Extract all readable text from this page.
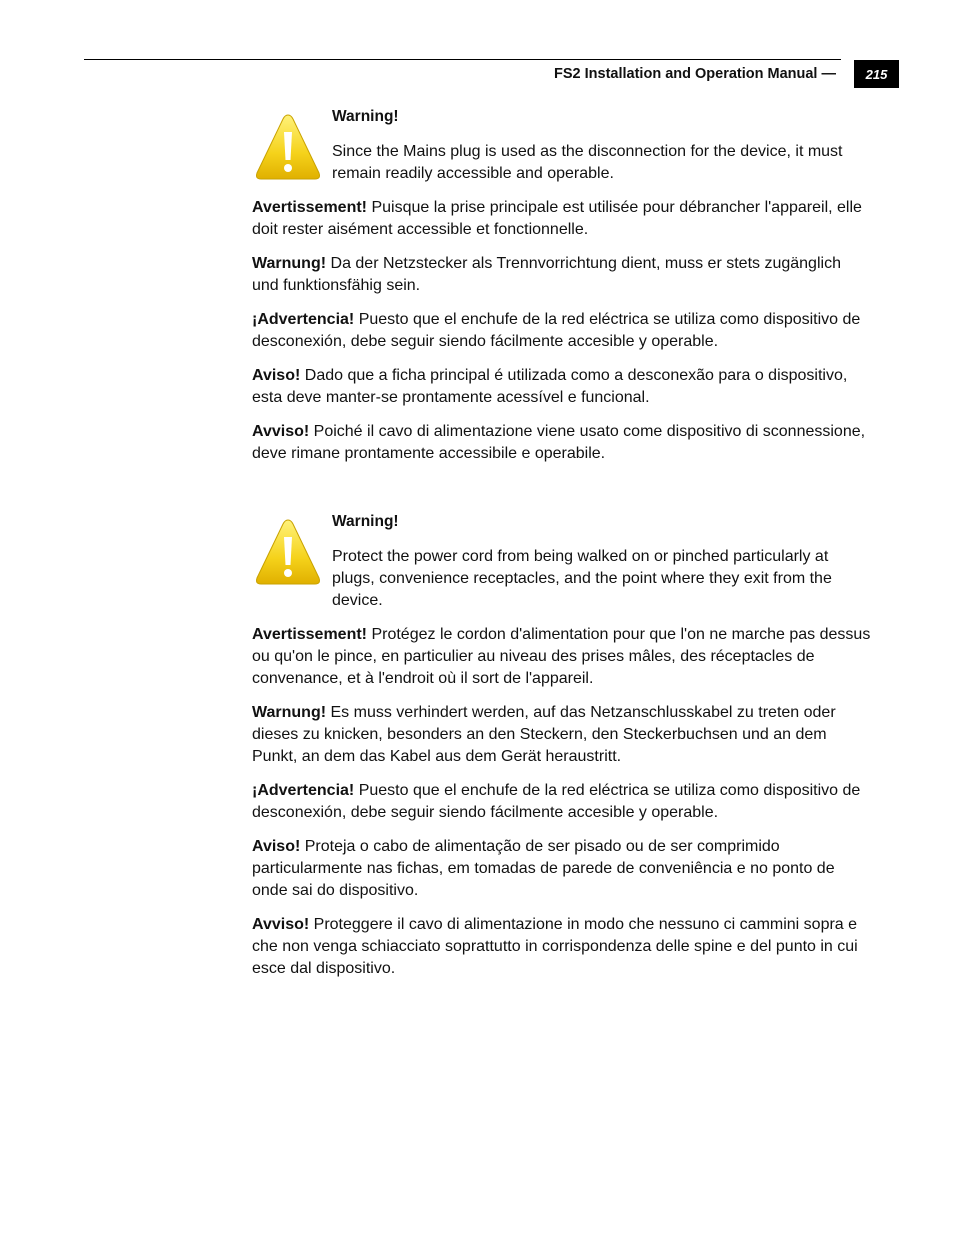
FS2 Installation and Operation Manual — 215
Warning!
Since the Mains plug is used as the disconnection for the device, it must remain readily accessible and operable.
Avertissement! Puisque la prise principale est utilisée pour débrancher l'appareil, elle doit rester aisément accessible et fonctionnelle.
Warnung! Da der Netzstecker als Trennvorrichtung dient, muss er stets zugänglich und funktionsfähig sein.
¡Advertencia! Puesto que el enchufe de la red eléctrica se utiliza como dispositivo de desconexión, debe seguir siendo fácilmente accesible y operable.
Aviso! Dado que a ficha principal é utilizada como a desconexão para o dispositivo, esta deve manter-se prontamente acessível e funcional.
Avviso! Poiché il cavo di alimentazione viene usato come dispositivo di sconnessione, deve rimane prontamente accessibile e operabile.
Warning!
Protect the power cord from being walked on or pinched particularly at plugs, convenience receptacles, and the point where they exit from the device.
Avertissement! Protégez le cordon d'alimentation pour que l'on ne marche pas dessus ou qu'on le pince, en particulier au niveau des prises mâles, des réceptacles de convenance, et à l'endroit où il sort de l'appareil.
Warnung! Es muss verhindert werden, auf das Netzanschlusskabel zu treten oder dieses zu knicken, besonders an den Steckern, den Steckerbuchsen und an dem Punkt, an dem das Kabel aus dem Gerät heraustritt.
¡Advertencia! Puesto que el enchufe de la red eléctrica se utiliza como dispositivo de desconexión, debe seguir siendo fácilmente accesible y operable.
Aviso! Proteja o cabo de alimentação de ser pisado ou de ser comprimido particularmente nas fichas, em tomadas de parede de conveniência e no ponto de onde sai do dispositivo.
Avviso! Proteggere il cavo di alimentazione in modo che nessuno ci cammini sopra e che non venga schiacciato soprattutto in corrispondenza delle spine e del punto in cui esce dal dispositivo.
